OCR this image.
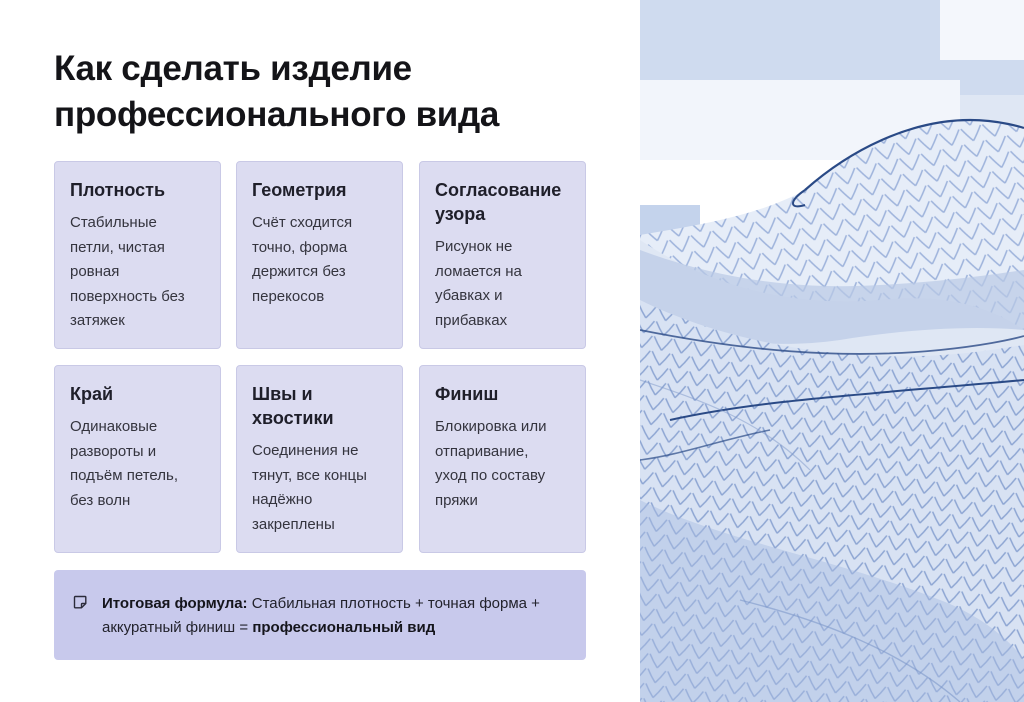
Как сделать изделие
профессионального вида
Плотность
Стабильные петли, чистая ровная поверхность без затяжек
Геометрия
Счёт сходится точно, форма держится без перекосов
Согласование узора
Рисунок не ломается на убавках и прибавках
Край
Одинаковые развороты и подъём петель, без волн
Швы и хвостики
Соединения не тянут, все концы надёжно закреплены
Финиш
Блокировка или отпаривание, уход по составу пряжи
Итоговая формула: Стабильная плотность + точная форма + аккуратный финиш = профессиональный вид
